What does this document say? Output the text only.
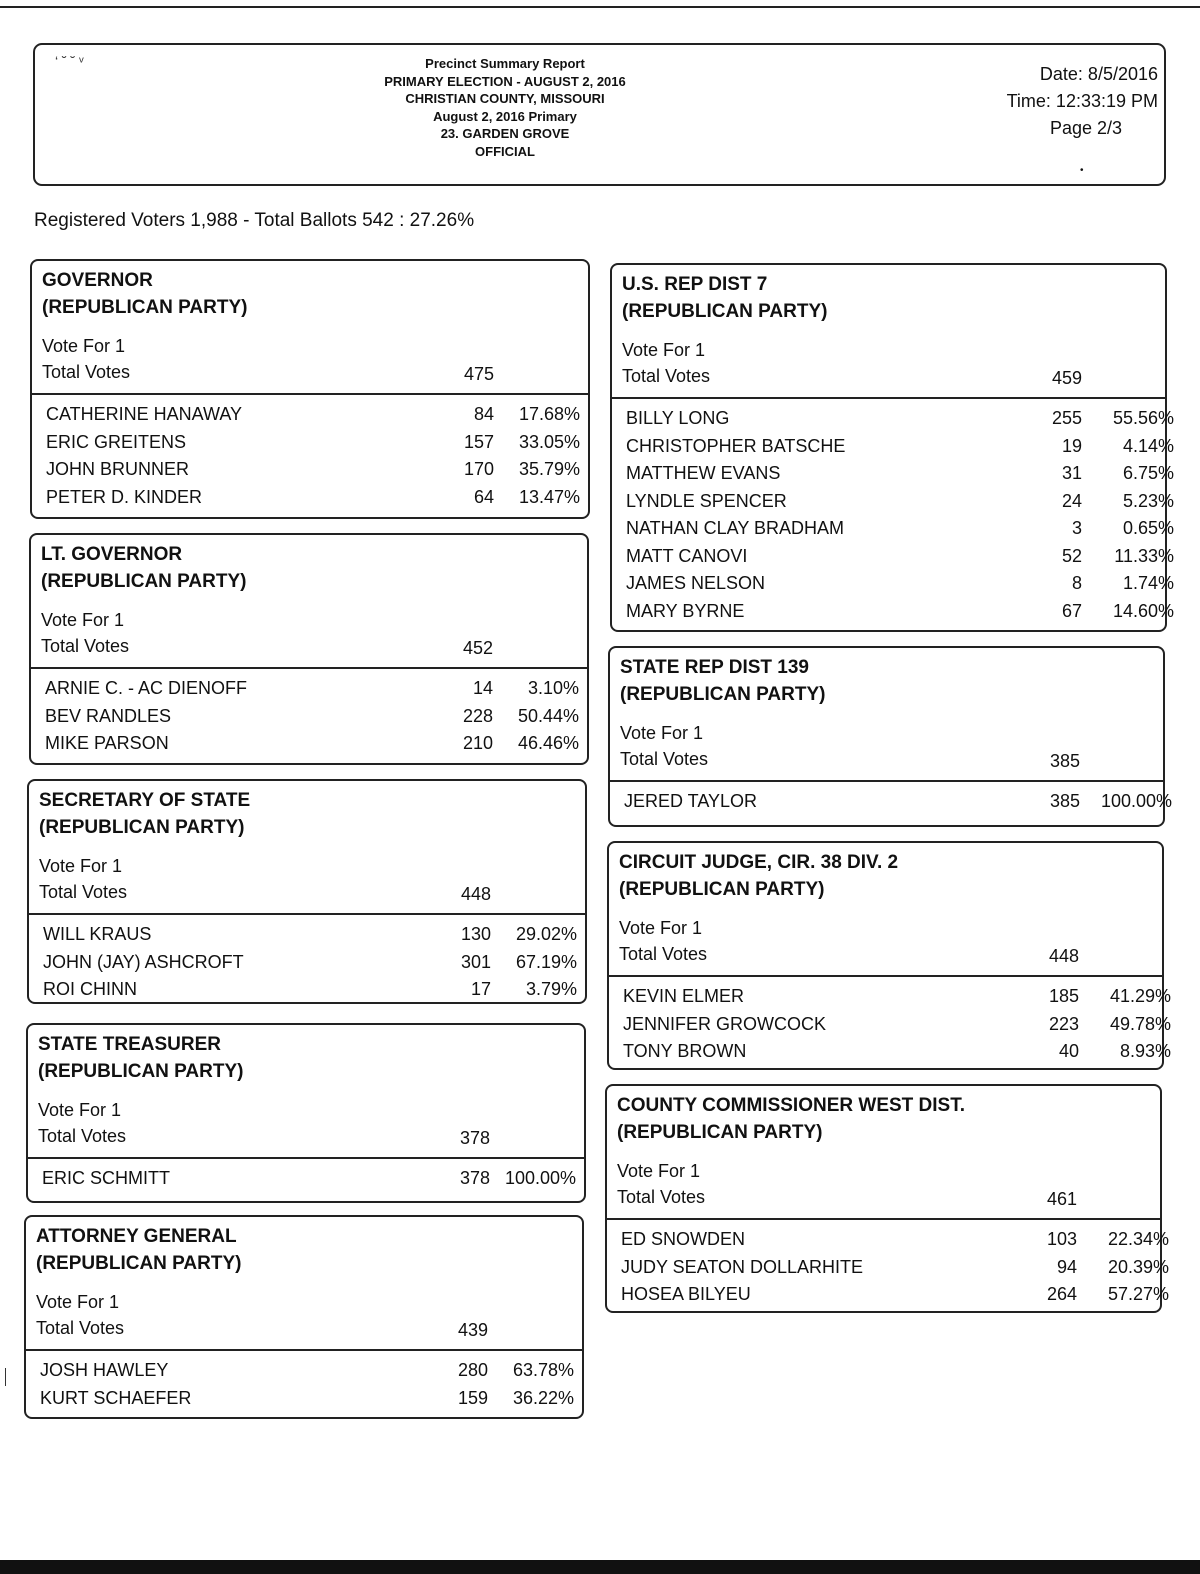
‘ ˘ ˘ ᵛ	Precinct Summary Report
PRIMARY ELECTION - AUGUST 2, 2016
CHRISTIAN COUNTY, MISSOURI
August 2, 2016 Primary
23. GARDEN GROVE
OFFICIAL
Date: 8/5/2016
Time: 12:33:19 PM
Page 2/3
•
Registered Voters 1,988 - Total Ballots 542 : 27.26%
GOVERNOR
(REPUBLICAN PARTY)
Vote For 1
Total Votes	475
CATHERINE HANAWAY	84	17.68%
ERIC GREITENS	157	33.05%
JOHN BRUNNER	170	35.79%
PETER D. KINDER	64	13.47%
LT. GOVERNOR
(REPUBLICAN PARTY)
Vote For 1
Total Votes	452
ARNIE C. - AC DIENOFF	14	3.10%
BEV RANDLES	228	50.44%
MIKE PARSON	210	46.46%
SECRETARY OF STATE
(REPUBLICAN PARTY)
Vote For 1
Total Votes	448
WILL KRAUS	130	29.02%
JOHN (JAY) ASHCROFT	301	67.19%
ROI CHINN	17	3.79%
STATE TREASURER
(REPUBLICAN PARTY)
Vote For 1
Total Votes	378
ERIC SCHMITT	378 100.00%
ATTORNEY GENERAL
(REPUBLICAN PARTY)
Vote For 1
Total Votes	439
JOSH HAWLEY	280	63.78%
KURT SCHAEFER	159	36.22%
U.S. REP DIST 7
(REPUBLICAN PARTY)
Vote For 1
Total Votes	459
BILLY LONG	255	55.56%
CHRISTOPHER BATSCHE	19	4.14%
MATTHEW EVANS	31	6.75%
LYNDLE SPENCER	24	5.23%
NATHAN CLAY BRADHAM	3	0.65%
MATT CANOVI	52	11.33%
JAMES NELSON	8	1.74%
MARY BYRNE	67	14.60%
STATE REP DIST 139
(REPUBLICAN PARTY)
Vote For 1
Total Votes	385
JERED TAYLOR	385	100.00%
CIRCUIT JUDGE, CIR. 38 DIV. 2
(REPUBLICAN PARTY)
Vote For 1
Total Votes	448
KEVIN ELMER	185	41.29%
JENNIFER GROWCOCK	223	49.78%
TONY BROWN	40	8.93%
COUNTY COMMISSIONER WEST DIST.
(REPUBLICAN PARTY)
Vote For 1
Total Votes	461
ED SNOWDEN	103	22.34%
JUDY SEATON DOLLARHITE	94	20.39%
HOSEA BILYEU	264	57.27%
